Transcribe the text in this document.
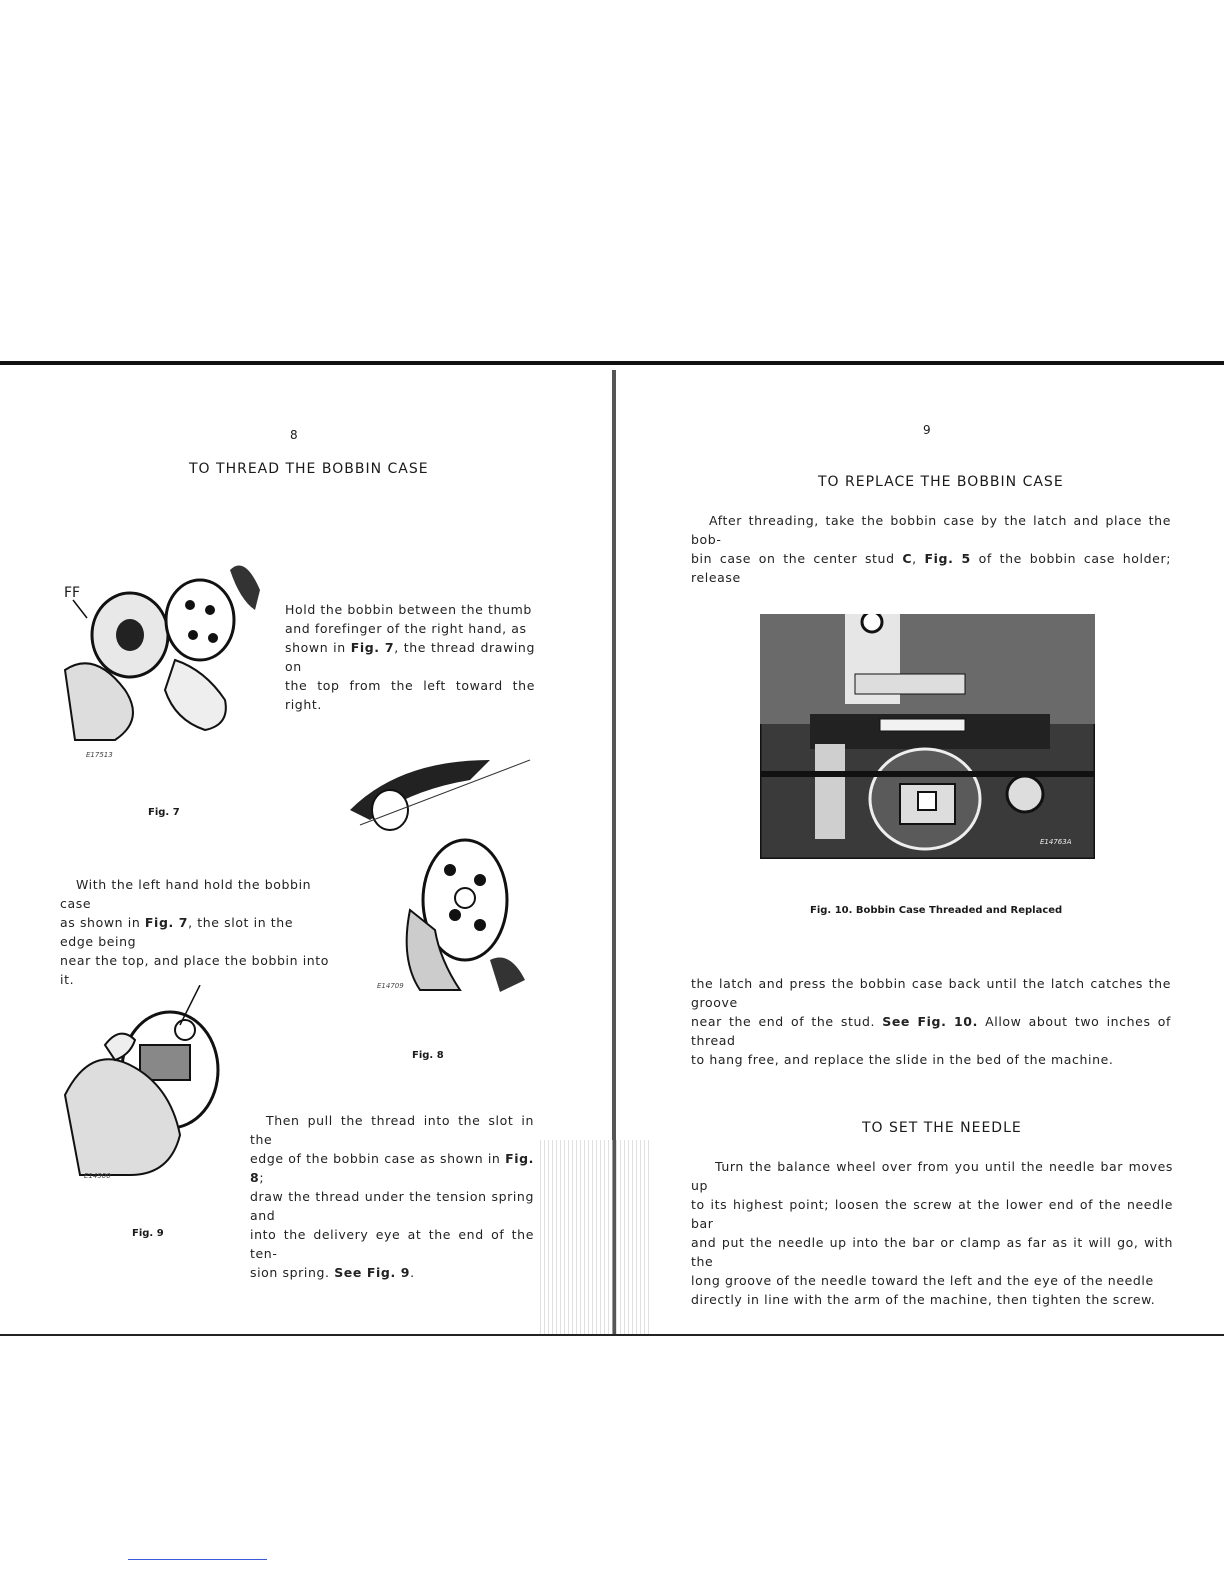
8
TO THREAD THE BOBBIN CASE
FF
E17513
Fig. 7
Hold the bobbin between the thumb
and forefinger of the right hand, as
shown in Fig. 7, the thread drawing on
the top from the left toward the right.
E14709
Fig. 8
With the left hand hold the bobbin case
as shown in Fig. 7, the slot in the edge being
near the top, and place the bobbin into it.
E14900
Fig. 9
Then pull the thread into the slot in the
edge of the bobbin case as shown in Fig. 8;
draw the thread under the tension spring and
into the delivery eye at the end of the ten-
sion spring. See Fig. 9.
9
TO REPLACE THE BOBBIN CASE
After threading, take the bobbin case by the latch and place the bob-
bin case on the center stud C, Fig. 5 of the bobbin case holder; release
E14763A
Fig. 10. Bobbin Case Threaded and Replaced
the latch and press the bobbin case back until the latch catches the groove
near the end of the stud. See Fig. 10. Allow about two inches of thread
to hang free, and replace the slide in the bed of the machine.
TO SET THE NEEDLE
Turn the balance wheel over from you until the needle bar moves up
to its highest point; loosen the screw at the lower end of the needle bar
and put the needle up into the bar or clamp as far as it will go, with the
long groove of the needle toward the left and the eye of the needle
directly in line with the arm of the machine, then tighten the screw.
